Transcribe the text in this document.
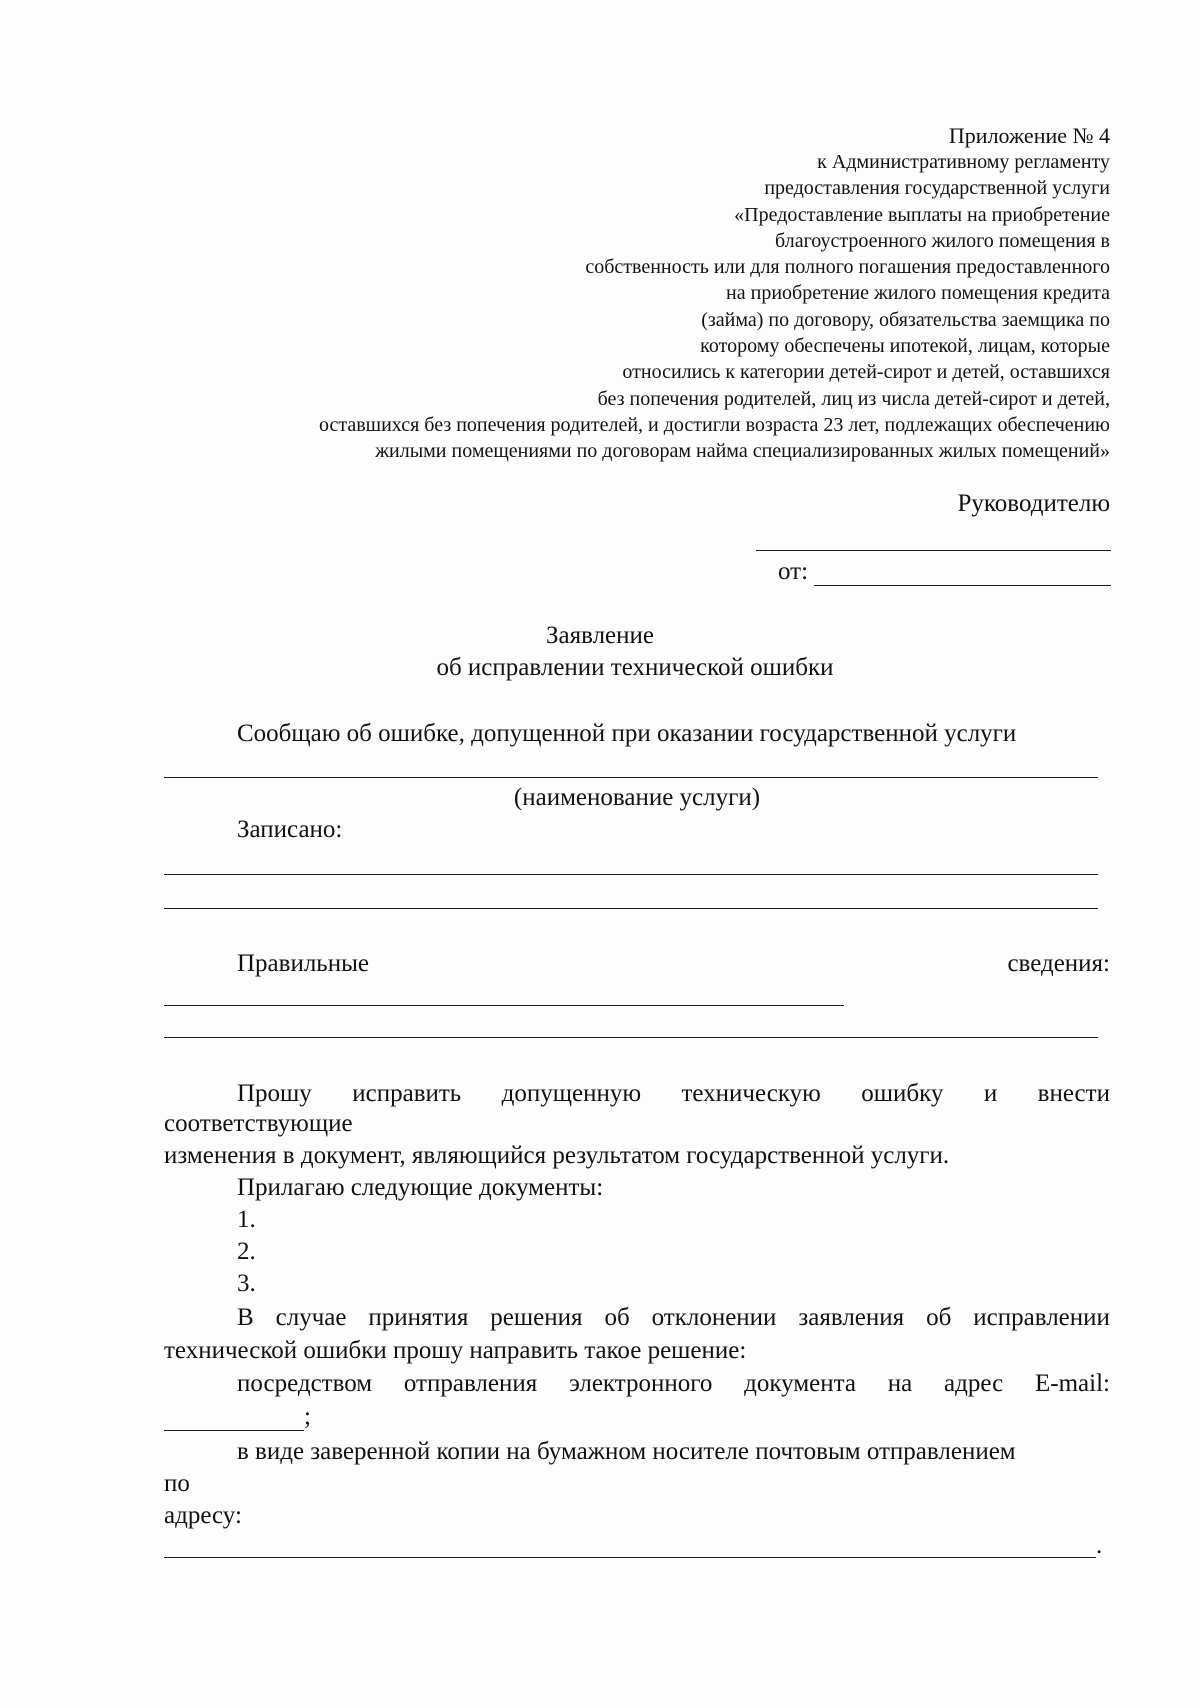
Приложение № 4
к Административному регламенту
предоставления государственной услуги
«Предоставление выплаты на приобретение
благоустроенного жилого помещения в
собственность или для полного погашения предоставленного
на приобретение жилого помещения кредита
(займа) по договору, обязательства заемщика по
которому обеспечены ипотекой, лицам, которые
относились к категории детей-сирот и детей, оставшихся
без попечения родителей, лиц из числа детей-сирот и детей,
оставшихся без попечения родителей, и достигли возраста 23 лет, подлежащих обеспечению
жилыми помещениями по договорам найма специализированных жилых помещений»
Руководителю
от:
Заявление
об исправлении технической ошибки
Сообщаю об ошибке, допущенной при оказании государственной услуги
(наименование услуги)
Записано:
Правильные	сведения:
Прошу исправить допущенную техническую ошибку и внести
соответствующие
изменения в документ, являющийся результатом государственной услуги.
Прилагаю следующие документы:
1.
2.
3.
В случае принятия решения об отклонении заявления об исправлении
технической ошибки прошу направить такое решение:
посредством отправления электронного документа на адрес E-mail:
;
в виде заверенной копии на бумажном носителе почтовым отправлением
по
адресу:
.
